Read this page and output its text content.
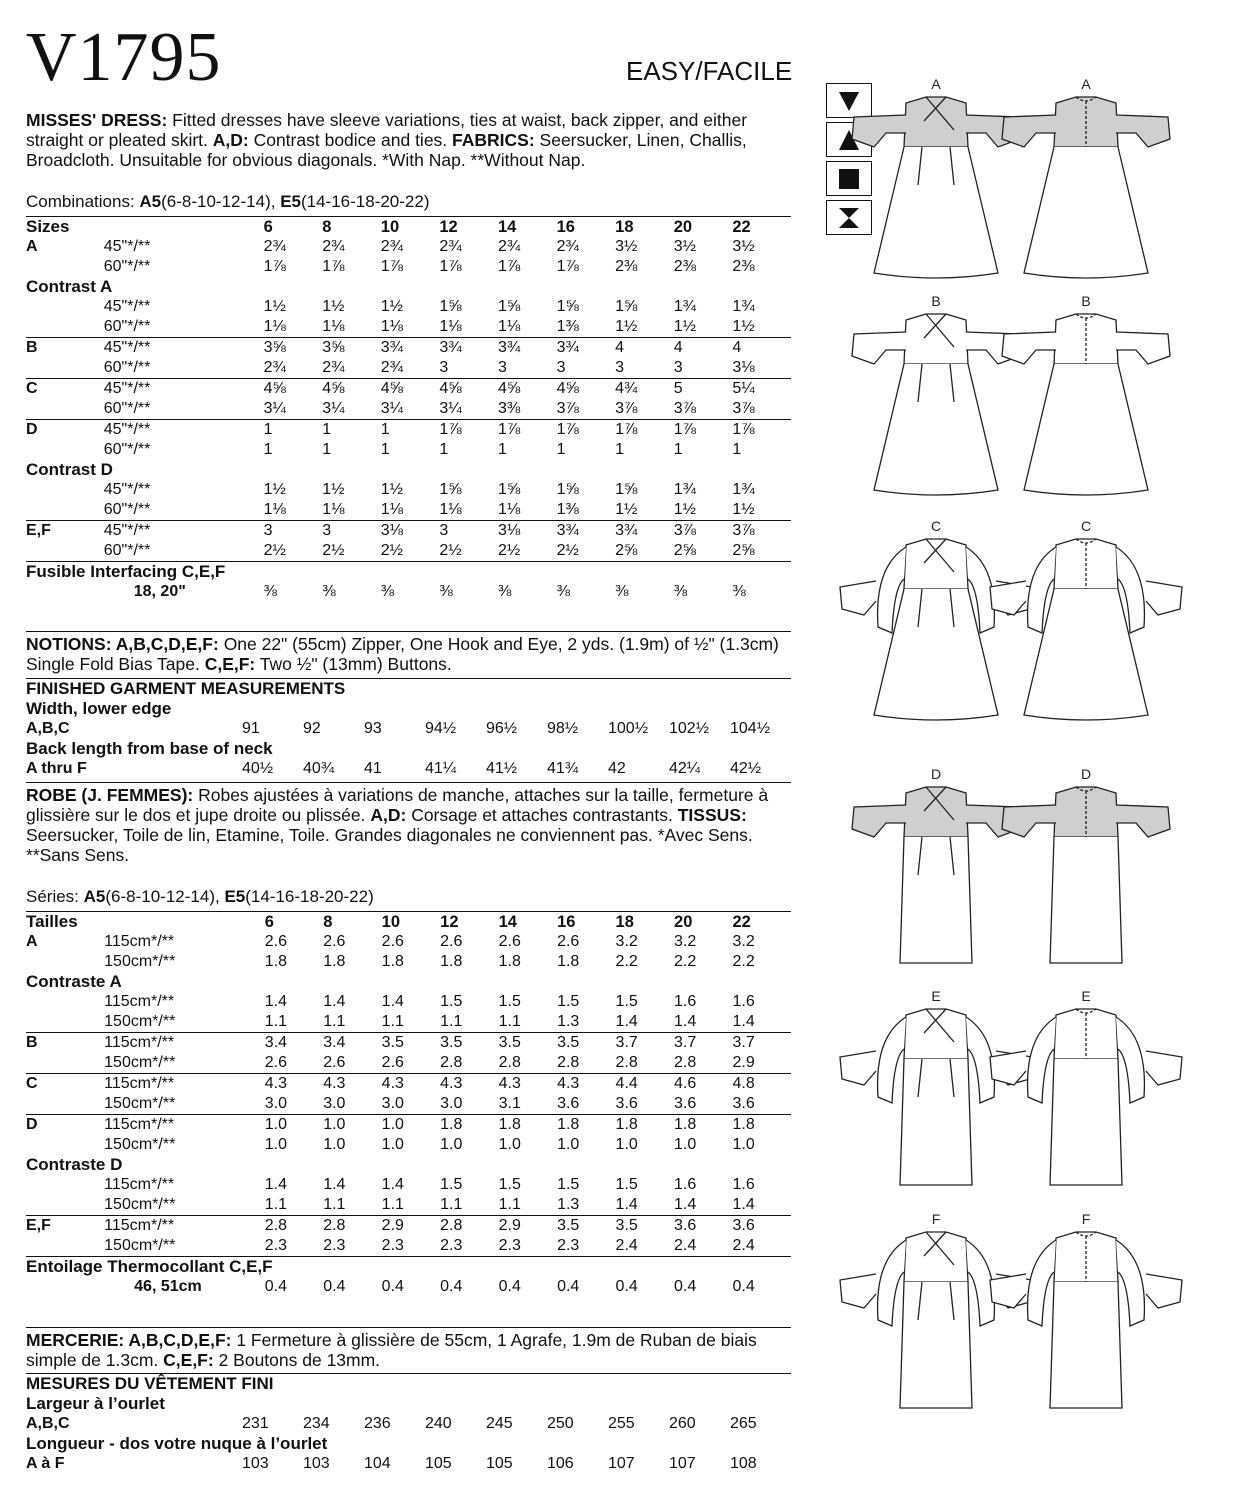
V1795	EASY/FACILE
MISSES' DRESS: Fitted dresses have sleeve variations, ties at waist, back zipper, and either straight or pleated skirt. A,D: Contrast bodice and ties. FABRICS: Seersucker, Linen, Challis, Broadcloth. Unsuitable for obvious diagonals. *With Nap. **Without Nap.
Combinations: A5(6-8-10-12-14), E5(14-16-18-20-22)
Sizes		6	8	10	12	14	16	18	20	22
A	45"*/**	2¾	2¾	2¾	2¾	2¾	2¾	3½	3½	3½
	60"*/**	1⅞	1⅞	1⅞	1⅞	1⅞	1⅞	2⅜	2⅜	2⅜
Contrast A										
	45"*/**	1½	1½	1½	1⅝	1⅝	1⅝	1⅝	1¾	1¾
	60"*/**	1⅛	1⅛	1⅛	1⅛	1⅛	1⅜	1½	1½	1½
B	45"*/**	3⅝	3⅝	3¾	3¾	3¾	3¾	4	4	4
	60"*/**	2¾	2¾	2¾	3	3	3	3	3	3⅛
C	45"*/**	4⅝	4⅝	4⅝	4⅝	4⅝	4⅝	4¾	5	5¼
	60"*/**	3¼	3¼	3¼	3¼	3⅜	3⅞	3⅞	3⅞	3⅞
D	45"*/**	1	1	1	1⅞	1⅞	1⅞	1⅞	1⅞	1⅞
	60"*/**	1	1	1	1	1	1	1	1	1
Contrast D										
	45"*/**	1½	1½	1½	1⅝	1⅝	1⅝	1⅝	1¾	1¾
	60"*/**	1⅛	1⅛	1⅛	1⅛	1⅛	1⅜	1½	1½	1½
E,F	45"*/**	3	3	3⅛	3	3⅛	3¾	3¾	3⅞	3⅞
	60"*/**	2½	2½	2½	2½	2½	2½	2⅝	2⅝	2⅝
Fusible Interfacing C,E,F										
	18, 20"	⅜	⅜	⅜	⅜	⅜	⅜	⅜	⅜	⅜
NOTIONS: A,B,C,D,E,F: One 22" (55cm) Zipper, One Hook and Eye, 2 yds. (1.9m) of ½" (1.3cm) Single Fold Bias Tape. C,E,F: Two ½" (13mm) Buttons.
FINISHED GARMENT MEASUREMENTS									
Width, lower edge									
A,B,C	91	92	93	94½	96½	98½	100½	102½	104½
Back length from base of neck									
A thru F	40½	40¾	41	41¼	41½	41¾	42	42¼	42½
ROBE (J. FEMMES): Robes ajustées à variations de manche, attaches sur la taille, fermeture à glissière sur le dos et jupe droite ou plissée. A,D: Corsage et attaches contrastants. TISSUS: Seersucker, Toile de lin, Etamine, Toile. Grandes diagonales ne conviennent pas. *Avec Sens. **Sans Sens.
Séries: A5(6-8-10-12-14), E5(14-16-18-20-22)
Tailles		6	8	10	12	14	16	18	20	22
A	115cm*/**	2.6	2.6	2.6	2.6	2.6	2.6	3.2	3.2	3.2
	150cm*/**	1.8	1.8	1.8	1.8	1.8	1.8	2.2	2.2	2.2
Contraste A										
	115cm*/**	1.4	1.4	1.4	1.5	1.5	1.5	1.5	1.6	1.6
	150cm*/**	1.1	1.1	1.1	1.1	1.1	1.3	1.4	1.4	1.4
B	115cm*/**	3.4	3.4	3.5	3.5	3.5	3.5	3.7	3.7	3.7
	150cm*/**	2.6	2.6	2.6	2.8	2.8	2.8	2.8	2.8	2.9
C	115cm*/**	4.3	4.3	4.3	4.3	4.3	4.3	4.4	4.6	4.8
	150cm*/**	3.0	3.0	3.0	3.0	3.1	3.6	3.6	3.6	3.6
D	115cm*/**	1.0	1.0	1.0	1.8	1.8	1.8	1.8	1.8	1.8
	150cm*/**	1.0	1.0	1.0	1.0	1.0	1.0	1.0	1.0	1.0
Contraste D										
	115cm*/**	1.4	1.4	1.4	1.5	1.5	1.5	1.5	1.6	1.6
	150cm*/**	1.1	1.1	1.1	1.1	1.1	1.3	1.4	1.4	1.4
E,F	115cm*/**	2.8	2.8	2.9	2.8	2.9	3.5	3.5	3.6	3.6
	150cm*/**	2.3	2.3	2.3	2.3	2.3	2.3	2.4	2.4	2.4
Entoilage Thermocollant C,E,F										
	46, 51cm	0.4	0.4	0.4	0.4	0.4	0.4	0.4	0.4	0.4
MERCERIE: A,B,C,D,E,F: 1 Fermeture à glissière de 55cm, 1 Agrafe, 1.9m de Ruban de biais simple de 1.3cm. C,E,F: 2 Boutons de 13mm.
MESURES DU VÊTEMENT FINI									
Largeur à l’ourlet									
A,B,C	231	234	236	240	245	250	255	260	265
Longueur - dos votre nuque à l’ourlet									
A à F	103	103	104	105	105	106	107	107	108
A	A
B	B
C	C
D	D
E	E
F	F
